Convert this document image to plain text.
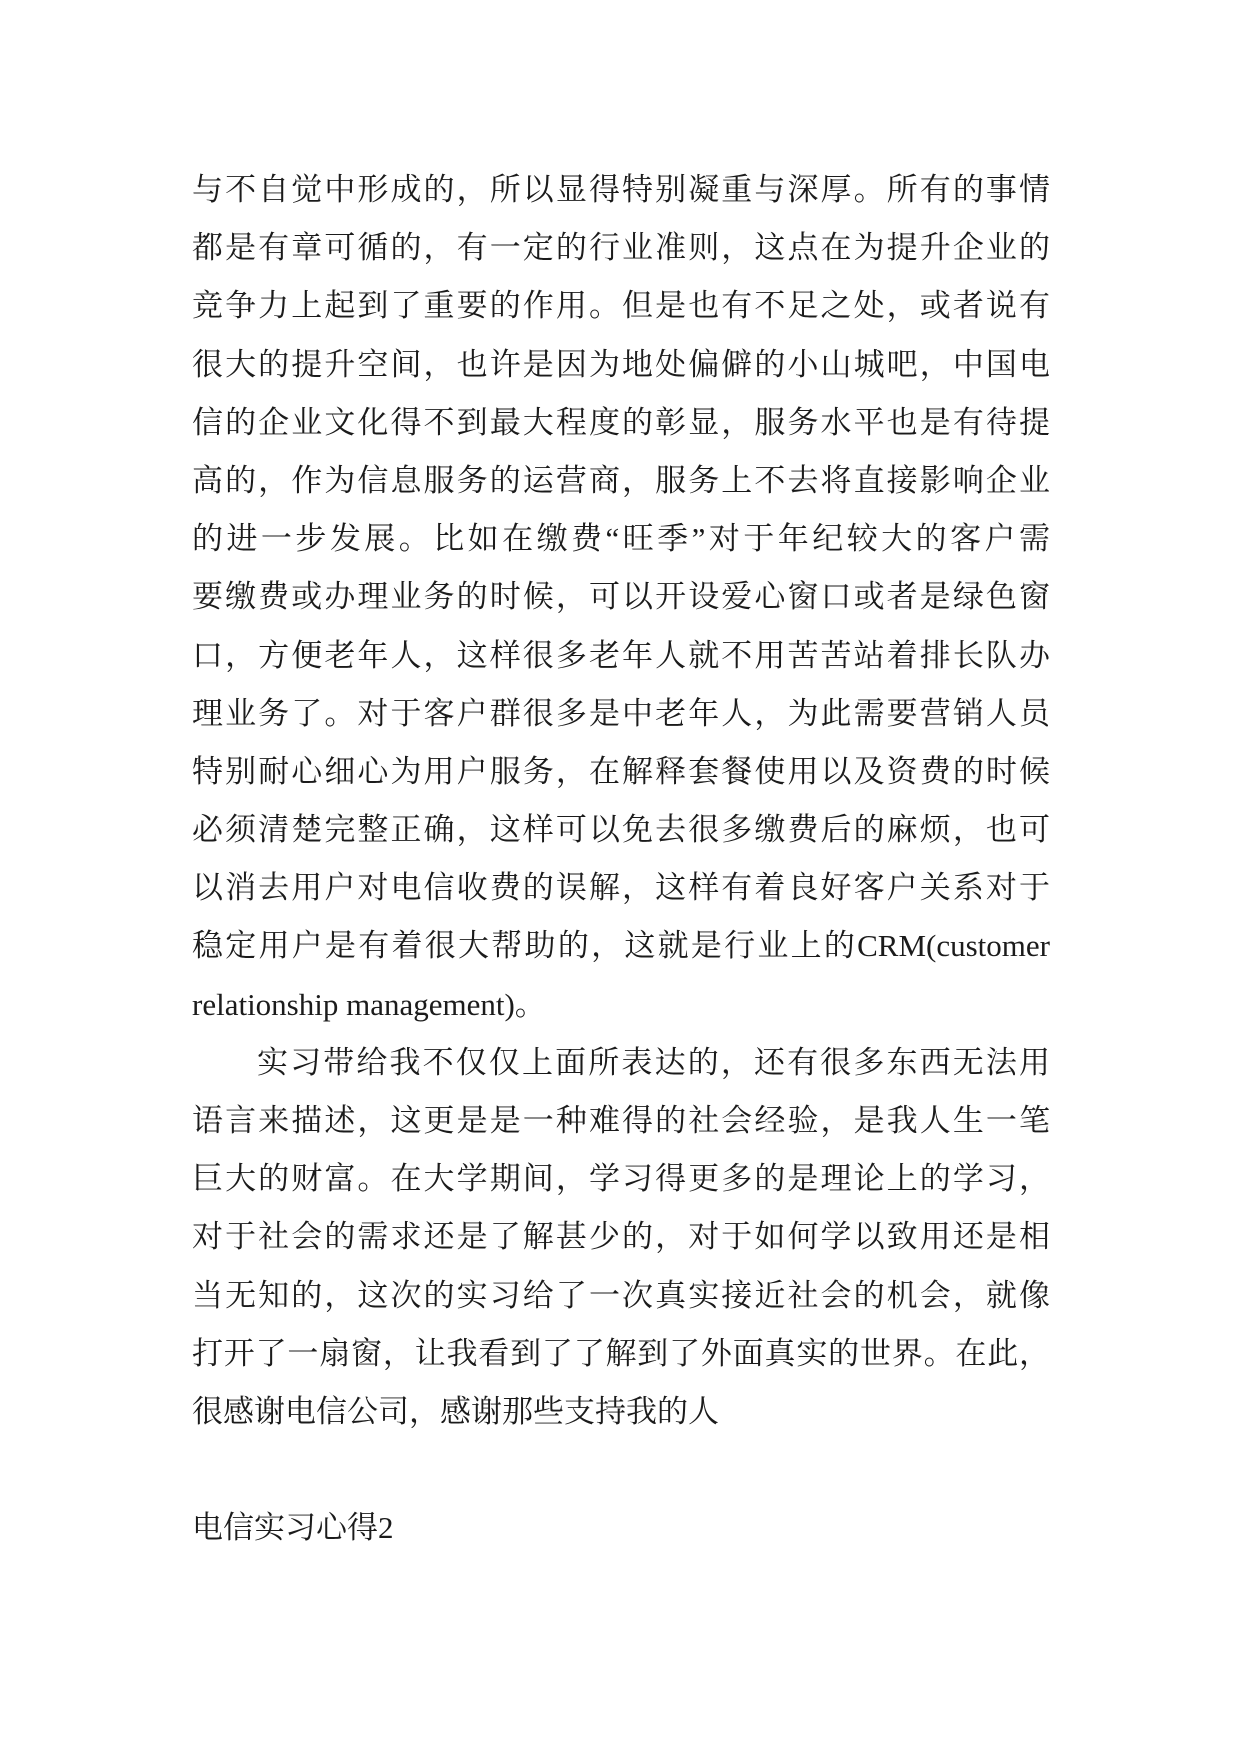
与不自觉中形成的，所以显得特别凝重与深厚。所有的事情
都是有章可循的，有一定的行业准则，这点在为提升企业的
竞争力上起到了重要的作用。但是也有不足之处，或者说有
很大的提升空间，也许是因为地处偏僻的小山城吧，中国电
信的企业文化得不到最大程度的彰显，服务水平也是有待提
高的，作为信息服务的运营商，服务上不去将直接影响企业
的进一步发展。比如在缴费“旺季”对于年纪较大的客户需
要缴费或办理业务的时候，可以开设爱心窗口或者是绿色窗
口，方便老年人，这样很多老年人就不用苦苦站着排长队办
理业务了。对于客户群很多是中老年人，为此需要营销人员
特别耐心细心为用户服务，在解释套餐使用以及资费的时候
必须清楚完整正确，这样可以免去很多缴费后的麻烦，也可
以消去用户对电信收费的误解，这样有着良好客户关系对于
稳定用户是有着很大帮助的，这就是行业上的CRM(customer
relationship management)。
实习带给我不仅仅上面所表达的，还有很多东西无法用
语言来描述，这更是是一种难得的社会经验，是我人生一笔
巨大的财富。在大学期间，学习得更多的是理论上的学习，
对于社会的需求还是了解甚少的，对于如何学以致用还是相
当无知的，这次的实习给了一次真实接近社会的机会，就像
打开了一扇窗，让我看到了了解到了外面真实的世界。在此，
很感谢电信公司，感谢那些支持我的人
电信实习心得2
